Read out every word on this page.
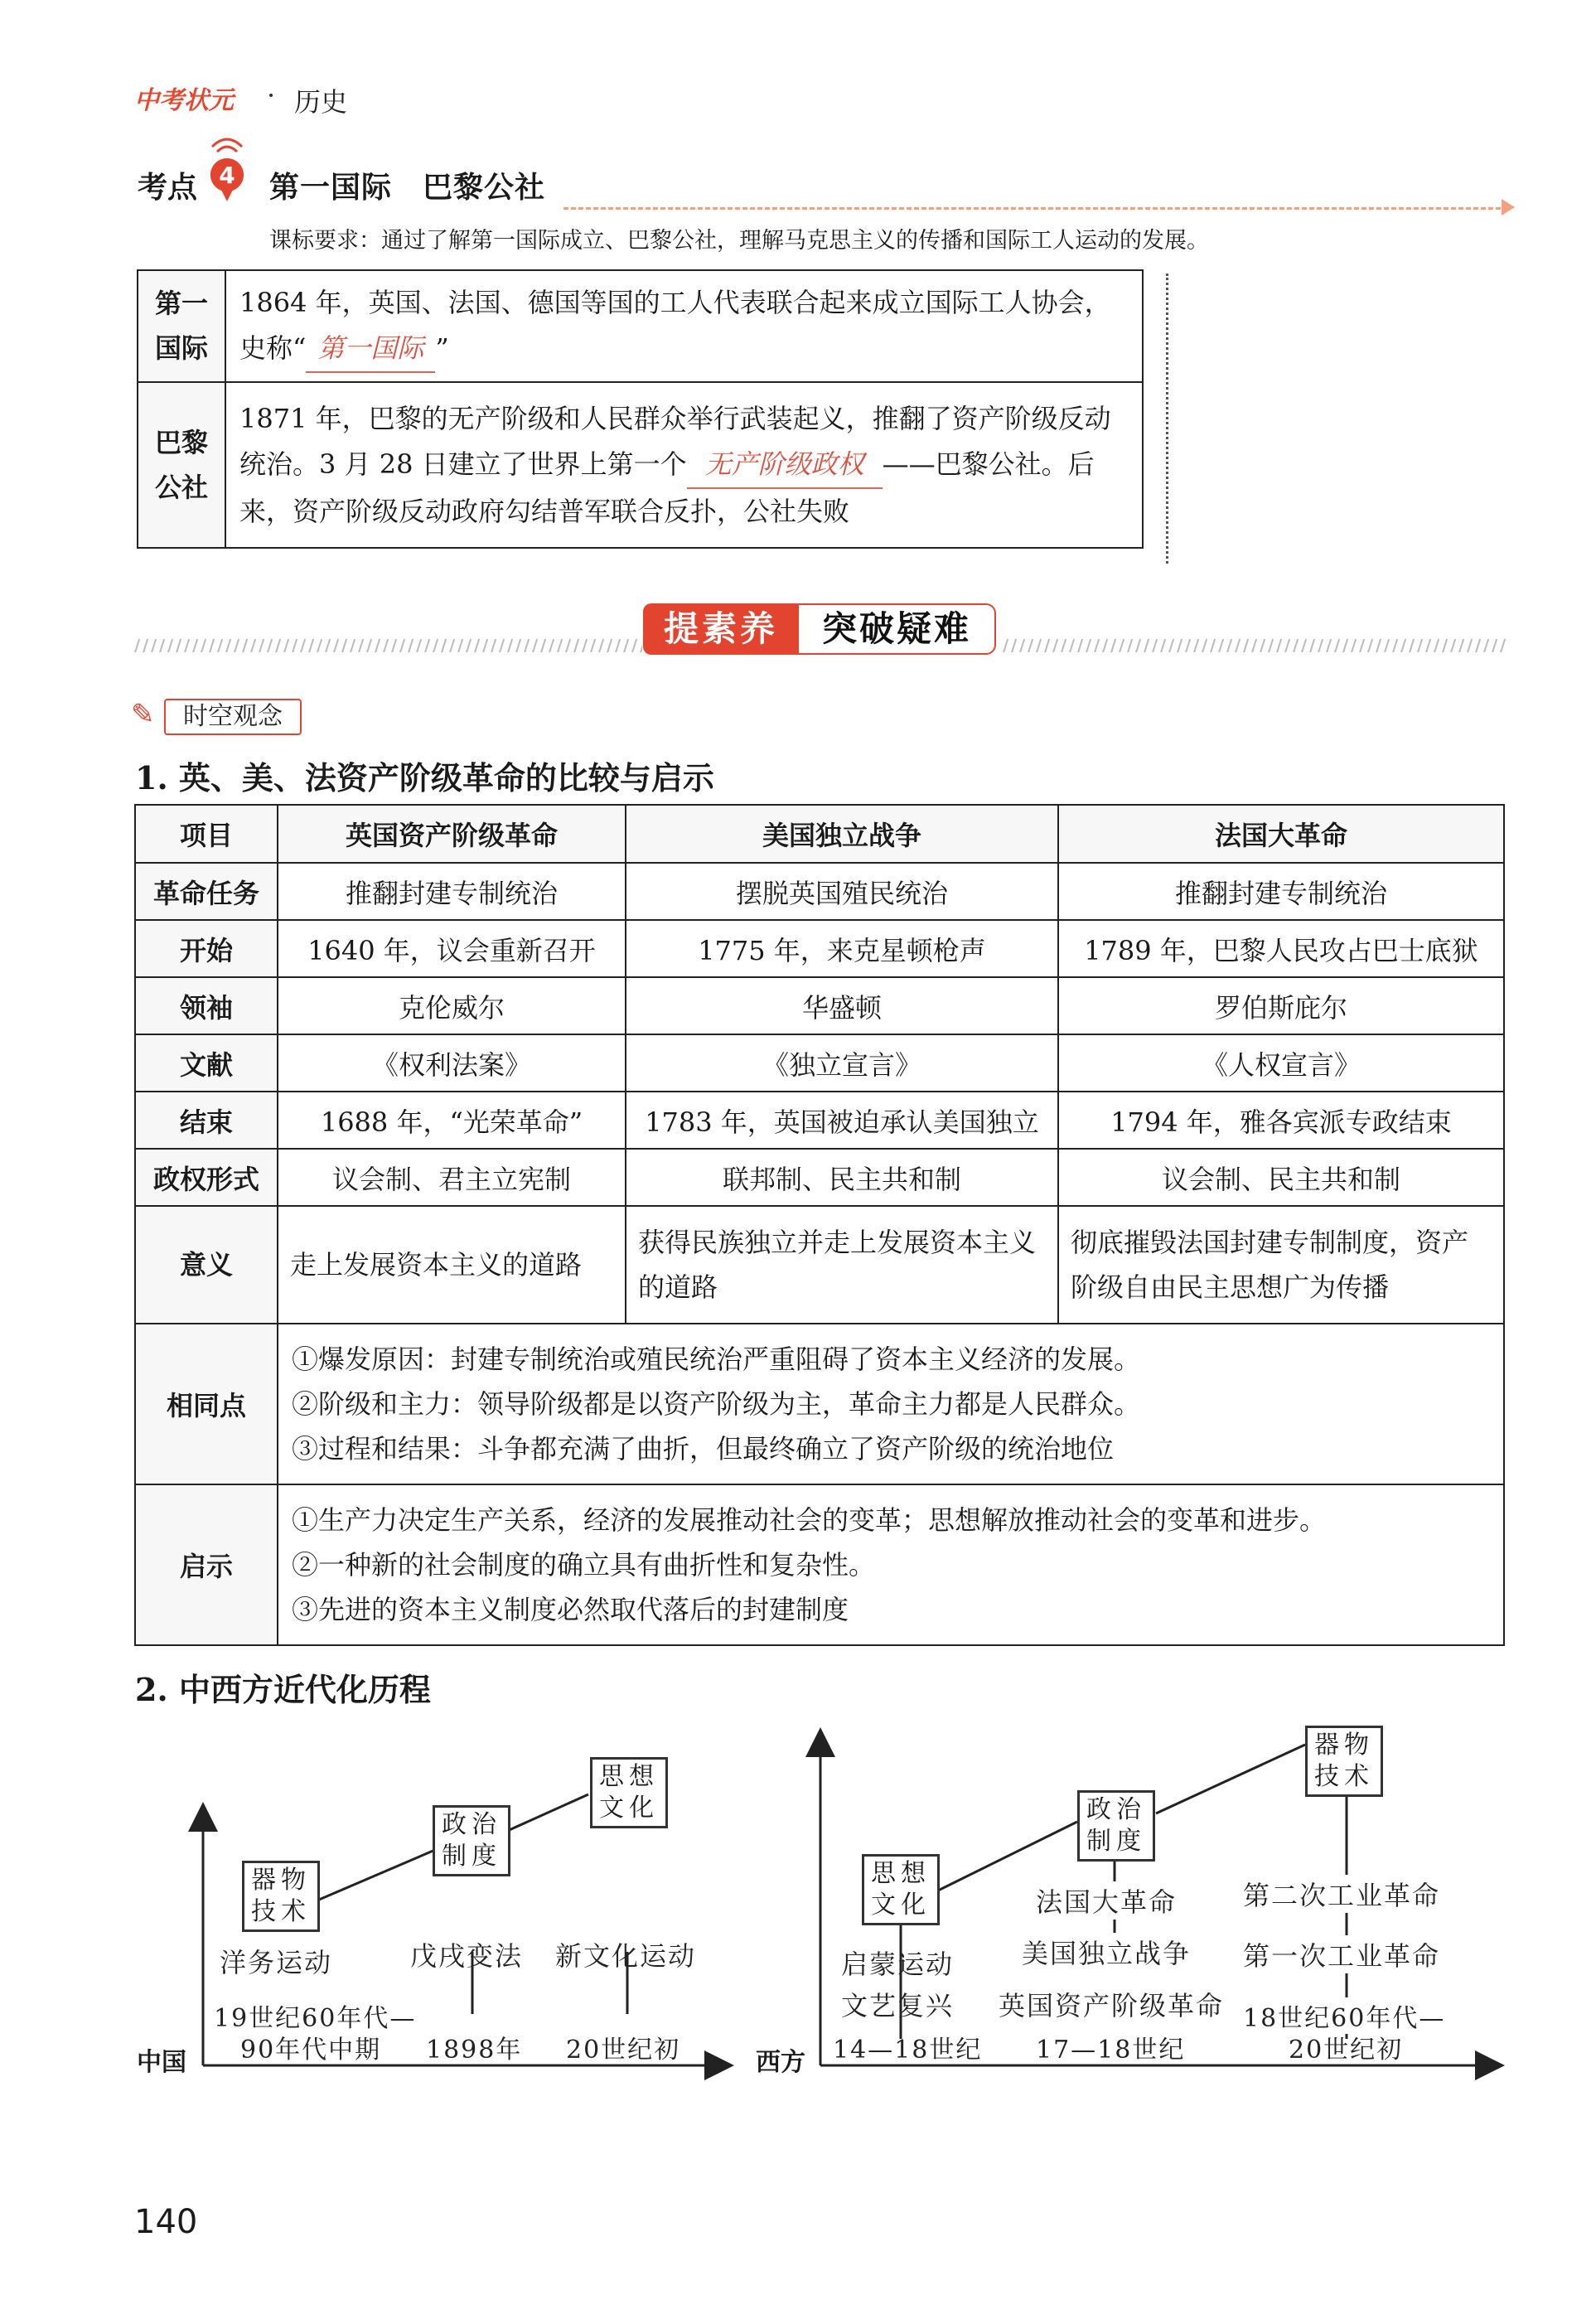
中考状元 · 历史
考点 4 第一国际　巴黎公社
课标要求：通过了解第一国际成立、巴黎公社，理解马克思主义的传播和国际工人运动的发展。
第一国际	1864 年，英国、法国、德国等国的工人代表联合起来成立国际工人协会，史称“ 第一国际 ”
巴黎公社	1871 年，巴黎的无产阶级和人民群众举行武装起义，推翻了资产阶级反动统治。3 月 28 日建立了世界上第一个 无产阶级政权 ——巴黎公社。后来，资产阶级反动政府勾结普军联合反扑，公社失败
提素养	突破疑难
✎	时空观念
1. 英、美、法资产阶级革命的比较与启示
项目	英国资产阶级革命	美国独立战争	法国大革命
革命任务	推翻封建专制统治	摆脱英国殖民统治	推翻封建专制统治
开始	1640 年，议会重新召开	1775 年，来克星顿枪声	1789 年，巴黎人民攻占巴士底狱
领袖	克伦威尔	华盛顿	罗伯斯庇尔
文献	《权利法案》	《独立宣言》	《人权宣言》
结束	1688 年，“光荣革命”	1783 年，英国被迫承认美国独立	1794 年，雅各宾派专政结束
政权形式	议会制、君主立宪制	联邦制、民主共和制	议会制、民主共和制
意义	走上发展资本主义的道路	获得民族独立并走上发展资本主义的道路	彻底摧毁法国封建专制制度，资产阶级自由民主思想广为传播
相同点	①爆发原因：封建专制统治或殖民统治严重阻碍了资本主义经济的发展。
②阶级和主力：领导阶级都是以资产阶级为主，革命主力都是人民群众。
③过程和结果：斗争都充满了曲折，但最终确立了资产阶级的统治地位		

启示	①生产力决定生产关系，经济的发展推动社会的变革；思想解放推动社会的变革和进步。
②一种新的社会制度的确立具有曲折性和复杂性。
③先进的资本主义制度必然取代落后的封建制度		
2. 中西方近代化历程
器物技术
政治制度
思想文化
洋务运动	戊戌变法 新文化运动
19世纪60年代—
90年代中期 1898年 20世纪初
中国
思想文化
政治制度
器物技术
启蒙运动
文艺复兴
法国大革命
美国独立战争
英国资产阶级革命
第二次工业革命
第一次工业革命
14—18世纪 17—18世纪
18世纪60年代—
20世纪初
西方
140
